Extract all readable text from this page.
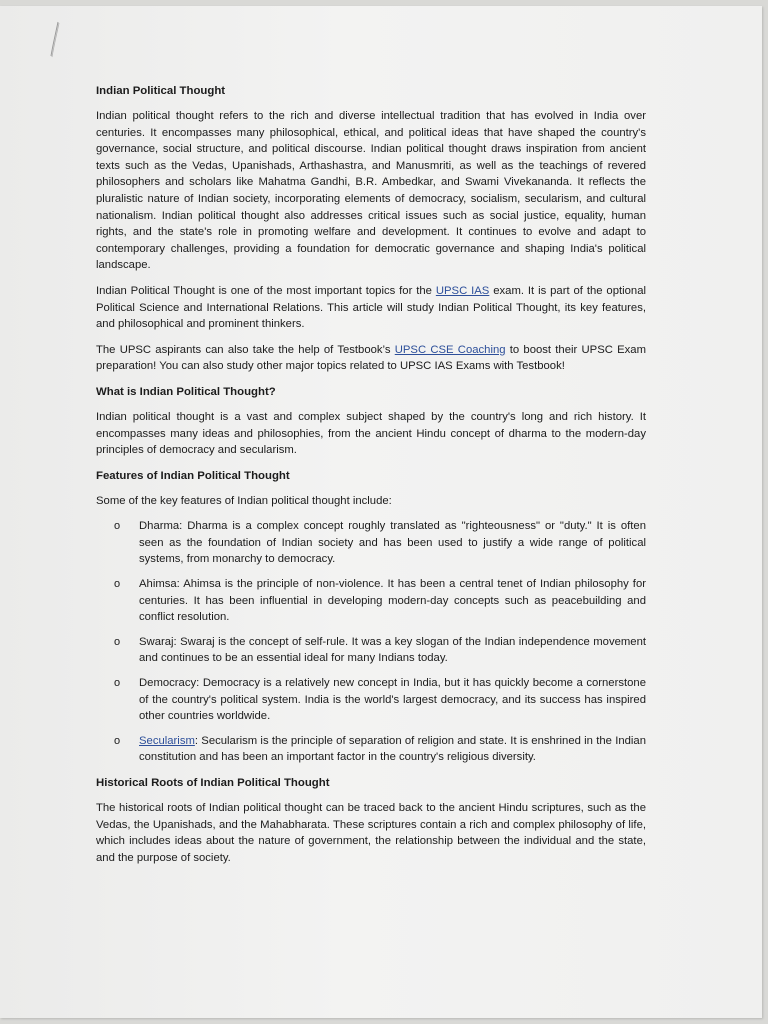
Indian Political Thought

Indian political thought refers to the rich and diverse intellectual tradition that has evolved in India over centuries. It encompasses many philosophical, ethical, and political ideas that have shaped the country's governance, social structure, and political discourse. Indian political thought draws inspiration from ancient texts such as the Vedas, Upanishads, Arthashastra, and Manusmriti, as well as the teachings of revered philosophers and scholars like Mahatma Gandhi, B.R. Ambedkar, and Swami Vivekananda. It reflects the pluralistic nature of Indian society, incorporating elements of democracy, socialism, secularism, and cultural nationalism. Indian political thought also addresses critical issues such as social justice, equality, human rights, and the state's role in promoting welfare and development. It continues to evolve and adapt to contemporary challenges, providing a foundation for democratic governance and shaping India's political landscape.

Indian Political Thought is one of the most important topics for the UPSC IAS exam. It is part of the optional Political Science and International Relations. This article will study Indian Political Thought, its key features, and philosophical and prominent thinkers.

The UPSC aspirants can also take the help of Testbook’s UPSC CSE Coaching to boost their UPSC Exam preparation! You can also study other major topics related to UPSC IAS Exams with Testbook!

What is Indian Political Thought?

Indian political thought is a vast and complex subject shaped by the country's long and rich history. It encompasses many ideas and philosophies, from the ancient Hindu concept of dharma to the modern-day principles of democracy and secularism.

Features of Indian Political Thought

Some of the key features of Indian political thought include:

o Dharma: Dharma is a complex concept roughly translated as "righteousness" or "duty." It is often seen as the foundation of Indian society and has been used to justify a wide range of political systems, from monarchy to democracy.
o Ahimsa: Ahimsa is the principle of non-violence. It has been a central tenet of Indian philosophy for centuries. It has been influential in developing modern-day concepts such as peacebuilding and conflict resolution.
o Swaraj: Swaraj is the concept of self-rule. It was a key slogan of the Indian independence movement and continues to be an essential ideal for many Indians today.
o Democracy: Democracy is a relatively new concept in India, but it has quickly become a cornerstone of the country's political system. India is the world's largest democracy, and its success has inspired other countries worldwide.
o Secularism: Secularism is the principle of separation of religion and state. It is enshrined in the Indian constitution and has been an important factor in the country's religious diversity.
Historical Roots of Indian Political Thought

The historical roots of Indian political thought can be traced back to the ancient Hindu scriptures, such as the Vedas, the Upanishads, and the Mahabharata. These scriptures contain a rich and complex philosophy of life, which includes ideas about the nature of government, the relationship between the individual and the state, and the purpose of society.
